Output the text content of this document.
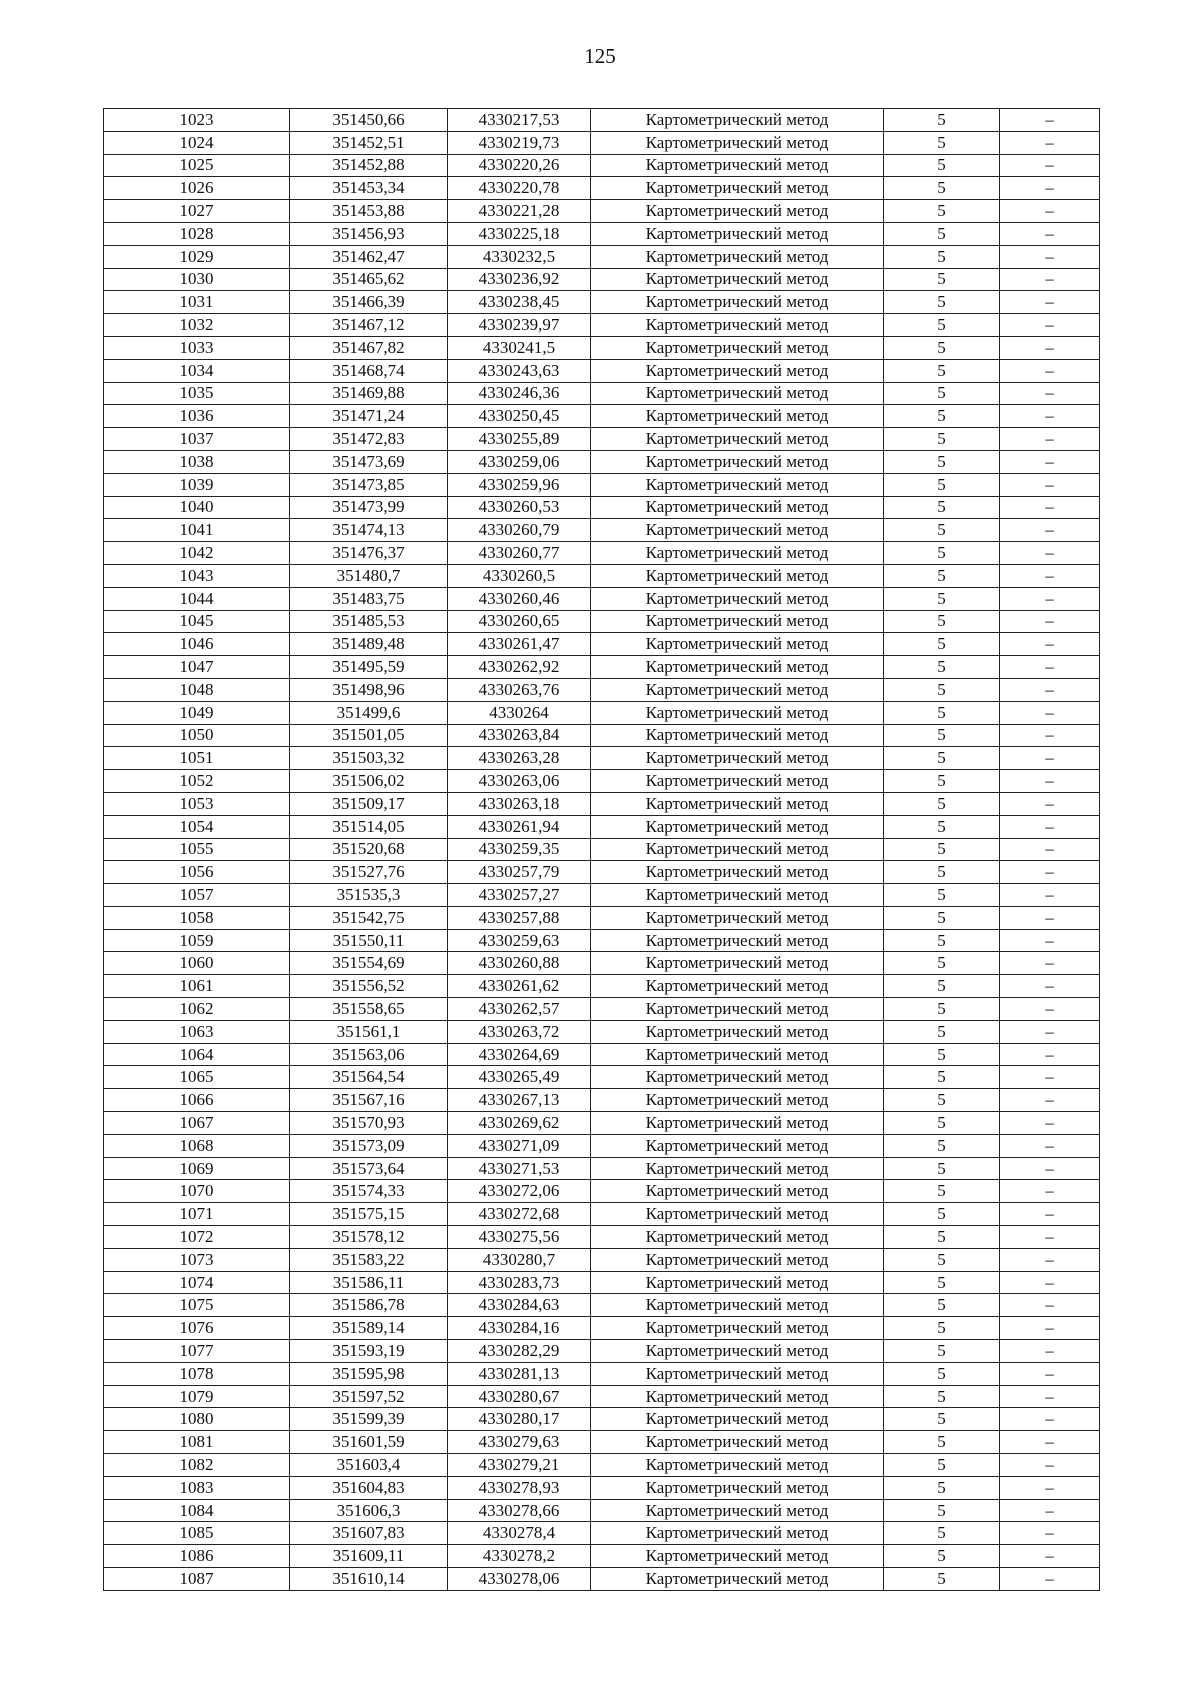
125
1023	351450,66	4330217,53	Картометрический метод	5	–
1024	351452,51	4330219,73	Картометрический метод	5	–
1025	351452,88	4330220,26	Картометрический метод	5	–
1026	351453,34	4330220,78	Картометрический метод	5	–
1027	351453,88	4330221,28	Картометрический метод	5	–
1028	351456,93	4330225,18	Картометрический метод	5	–
1029	351462,47	4330232,5	Картометрический метод	5	–
1030	351465,62	4330236,92	Картометрический метод	5	–
1031	351466,39	4330238,45	Картометрический метод	5	–
1032	351467,12	4330239,97	Картометрический метод	5	–
1033	351467,82	4330241,5	Картометрический метод	5	–
1034	351468,74	4330243,63	Картометрический метод	5	–
1035	351469,88	4330246,36	Картометрический метод	5	–
1036	351471,24	4330250,45	Картометрический метод	5	–
1037	351472,83	4330255,89	Картометрический метод	5	–
1038	351473,69	4330259,06	Картометрический метод	5	–
1039	351473,85	4330259,96	Картометрический метод	5	–
1040	351473,99	4330260,53	Картометрический метод	5	–
1041	351474,13	4330260,79	Картометрический метод	5	–
1042	351476,37	4330260,77	Картометрический метод	5	–
1043	351480,7	4330260,5	Картометрический метод	5	–
1044	351483,75	4330260,46	Картометрический метод	5	–
1045	351485,53	4330260,65	Картометрический метод	5	–
1046	351489,48	4330261,47	Картометрический метод	5	–
1047	351495,59	4330262,92	Картометрический метод	5	–
1048	351498,96	4330263,76	Картометрический метод	5	–
1049	351499,6	4330264	Картометрический метод	5	–
1050	351501,05	4330263,84	Картометрический метод	5	–
1051	351503,32	4330263,28	Картометрический метод	5	–
1052	351506,02	4330263,06	Картометрический метод	5	–
1053	351509,17	4330263,18	Картометрический метод	5	–
1054	351514,05	4330261,94	Картометрический метод	5	–
1055	351520,68	4330259,35	Картометрический метод	5	–
1056	351527,76	4330257,79	Картометрический метод	5	–
1057	351535,3	4330257,27	Картометрический метод	5	–
1058	351542,75	4330257,88	Картометрический метод	5	–
1059	351550,11	4330259,63	Картометрический метод	5	–
1060	351554,69	4330260,88	Картометрический метод	5	–
1061	351556,52	4330261,62	Картометрический метод	5	–
1062	351558,65	4330262,57	Картометрический метод	5	–
1063	351561,1	4330263,72	Картометрический метод	5	–
1064	351563,06	4330264,69	Картометрический метод	5	–
1065	351564,54	4330265,49	Картометрический метод	5	–
1066	351567,16	4330267,13	Картометрический метод	5	–
1067	351570,93	4330269,62	Картометрический метод	5	–
1068	351573,09	4330271,09	Картометрический метод	5	–
1069	351573,64	4330271,53	Картометрический метод	5	–
1070	351574,33	4330272,06	Картометрический метод	5	–
1071	351575,15	4330272,68	Картометрический метод	5	–
1072	351578,12	4330275,56	Картометрический метод	5	–
1073	351583,22	4330280,7	Картометрический метод	5	–
1074	351586,11	4330283,73	Картометрический метод	5	–
1075	351586,78	4330284,63	Картометрический метод	5	–
1076	351589,14	4330284,16	Картометрический метод	5	–
1077	351593,19	4330282,29	Картометрический метод	5	–
1078	351595,98	4330281,13	Картометрический метод	5	–
1079	351597,52	4330280,67	Картометрический метод	5	–
1080	351599,39	4330280,17	Картометрический метод	5	–
1081	351601,59	4330279,63	Картометрический метод	5	–
1082	351603,4	4330279,21	Картометрический метод	5	–
1083	351604,83	4330278,93	Картометрический метод	5	–
1084	351606,3	4330278,66	Картометрический метод	5	–
1085	351607,83	4330278,4	Картометрический метод	5	–
1086	351609,11	4330278,2	Картометрический метод	5	–
1087	351610,14	4330278,06	Картометрический метод	5	–
